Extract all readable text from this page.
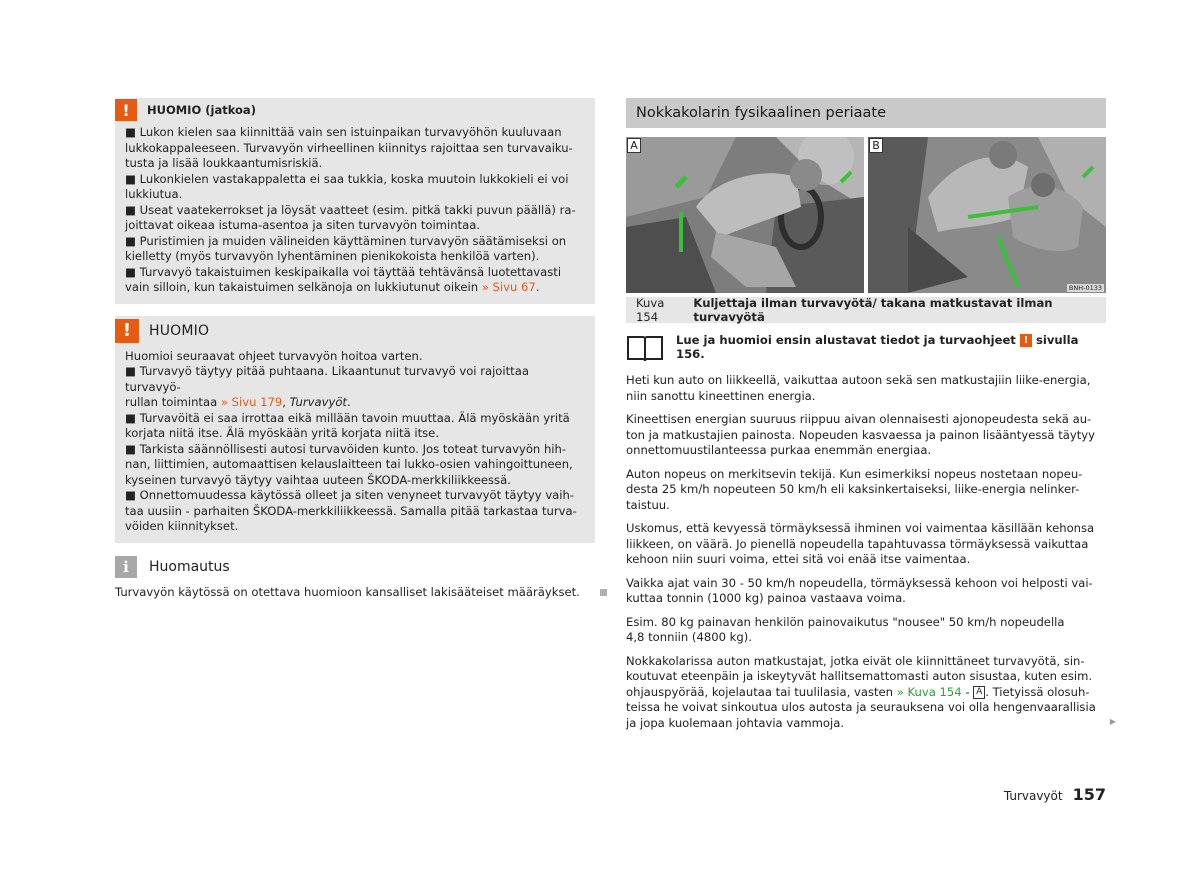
!	HUOMIO (jatkoa)

■ Lukon kielen saa kiinnittää vain sen istuinpaikan turvavyöhön kuuluvaan

lukkokappaleeseen. Turvavyön virheellinen kiinnitys rajoittaa sen turvavaiku-

tusta ja lisää loukkaantumisriskiä.

■ Lukonkielen vastakappaletta ei saa tukkia, koska muutoin lukkokieli ei voi

lukkiutua.

■ Useat vaatekerrokset ja löysät vaatteet (esim. pitkä takki puvun päällä) ra-

joittavat oikeaa istuma-asentoa ja siten turvavyön toimintaa.

■ Puristimien ja muiden välineiden käyttäminen turvavyön säätämiseksi on

kielletty (myös turvavyön lyhentäminen pienikokoista henkilöä varten).

■ Turvavyö takaistuimen keskipaikalla voi täyttää tehtävänsä luotettavasti

vain silloin, kun takaistuimen selkänoja on lukkiutunut oikein » Sivu 67.

!	HUOMIO

Huomioi seuraavat ohjeet turvavyön hoitoa varten.

■ Turvavyö täytyy pitää puhtaana. Likaantunut turvavyö voi rajoittaa turvavyö-

rullan toimintaa » Sivu 179, Turvavyöt.

■ Turvavöitä ei saa irrottaa eikä millään tavoin muuttaa. Älä myöskään yritä

korjata niitä itse. Älä myöskään yritä korjata niitä itse.

■ Tarkista säännöllisesti autosi turvavöiden kunto. Jos toteat turvavyön hih-

nan, liittimien, automaattisen kelauslaitteen tai lukko-osien vahingoittuneen,

kyseinen turvavyö täytyy vaihtaa uuteen ŠKODA-merkkiliikkeessä.

■ Onnettomuudessa käytössä olleet ja siten venyneet turvavyöt täytyy vaih-

taa uusiin - parhaiten ŠKODA-merkkiliikkeessä. Samalla pitää tarkastaa turva-

vöiden kiinnitykset.

i	Huomautus
Turvavyön käytössä on otettava huomioon kansalliset lakisääteiset määräykset.
Nokkakolarin fysikaalinen periaate
A	B
BNH-0133
Kuva 154
Kuljettaja ilman turvavyötä/ takana matkustavat ilman turvavyötä
Lue ja huomioi ensin alustavat tiedot ja turvaohjeet ! sivulla 156.

Heti kun auto on liikkeellä, vaikuttaa autoon sekä sen matkustajiin liike-energia,
niin sanottu kineettinen energia.

Kineettisen energian suuruus riippuu aivan olennaisesti ajonopeudesta sekä au-
ton ja matkustajien painosta. Nopeuden kasvaessa ja painon lisääntyessä täytyy
onnettomuustilanteessa purkaa enemmän energiaa.

Auton nopeus on merkitsevin tekijä. Kun esimerkiksi nopeus nostetaan nopeu-
desta 25 km/h nopeuteen 50 km/h eli kaksinkertaiseksi, liike-energia nelinker-
taistuu.

Uskomus, että kevyessä törmäyksessä ihminen voi vaimentaa käsillään kehonsa
liikkeen, on väärä. Jo pienellä nopeudella tapahtuvassa törmäyksessä vaikuttaa
kehoon niin suuri voima, ettei sitä voi enää itse vaimentaa.

Vaikka ajat vain 30 - 50 km/h nopeudella, törmäyksessä kehoon voi helposti vai-
kuttaa tonnin (1000 kg) painoa vastaava voima.

Esim. 80 kg painavan henkilön painovaikutus "nousee" 50 km/h nopeudella
4,8 tonniin (4800 kg).

Nokkakolarissa auton matkustajat, jotka eivät ole kiinnittäneet turvavyötä, sin-
koutuvat eteenpäin ja iskeytyvät hallitsemattomasti auton sisustaa, kuten esim.
ohjauspyörää, kojelautaa tai tuulilasia, vasten » Kuva 154 - A . Tietyissä olosuh-
teissa he voivat sinkoutua ulos autosta ja seurauksena voi olla hengenvaarallisia
ja jopa kuolemaan johtavia vammoja.	▶

Turvavyöt 157
